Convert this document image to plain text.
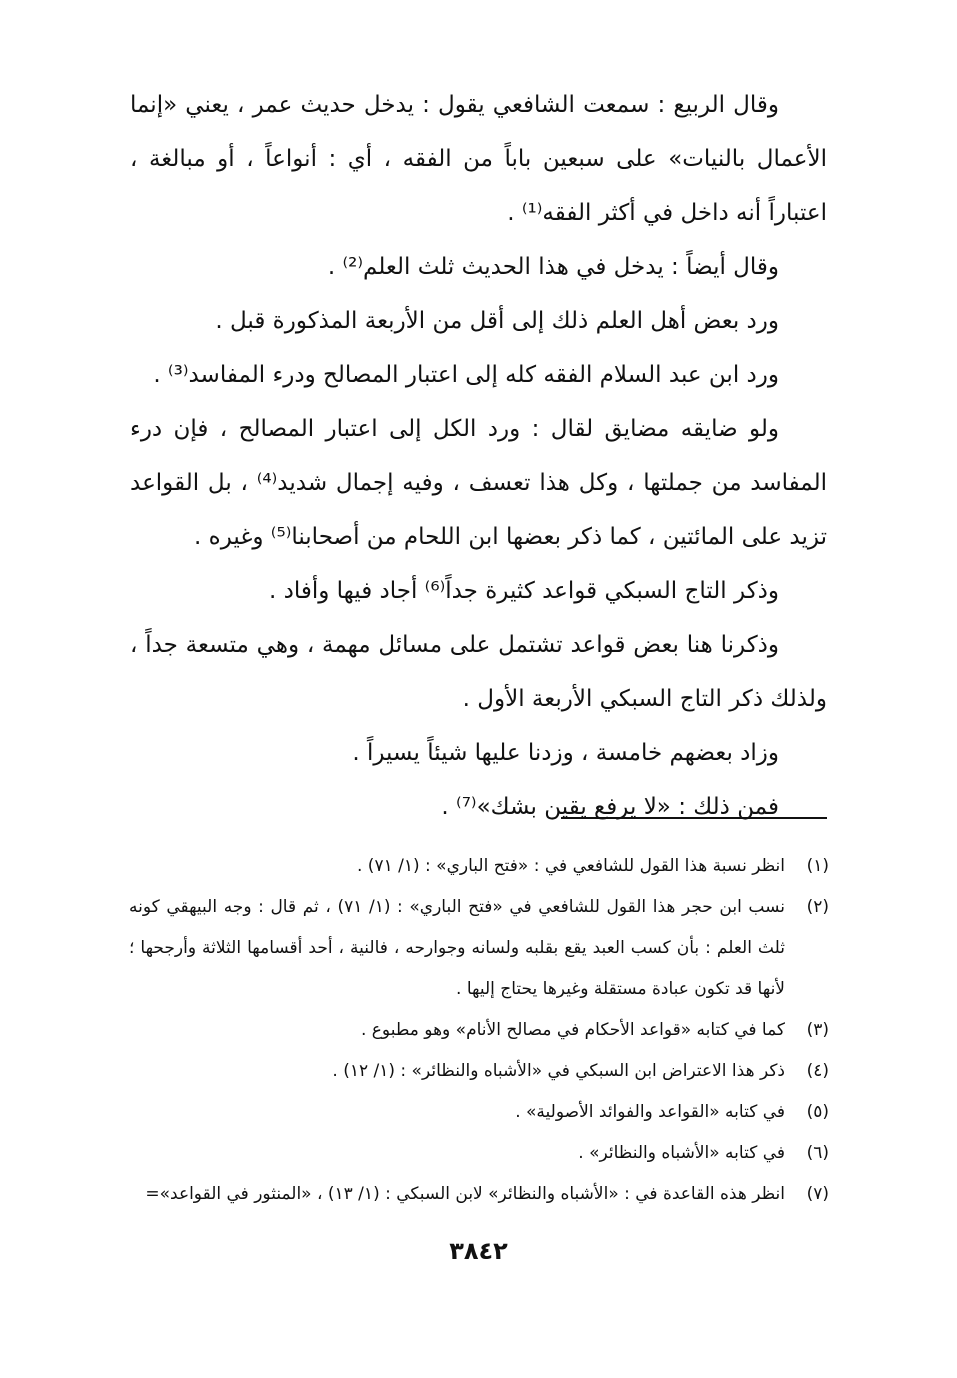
وقال الربيع : سمعت الشافعي يقول : يدخل حديث عمر ، يعني «إنما الأعمال بالنيات» على سبعين باباً من الفقه ، أي : أنواعاً ، أو مبالغة ، اعتباراً أنه داخل في أكثر الفقه⁽¹⁾ .

وقال أيضاً : يدخل في هذا الحديث ثلث العلم⁽²⁾ .

ورد بعض أهل العلم ذلك إلى أقل من الأربعة المذكورة قبل .

ورد ابن عبد السلام الفقه كله إلى اعتبار المصالح ودرء المفاسد⁽³⁾ .

ولو ضايقه مضايق لقال : ورد الكل إلى اعتبار المصالح ، فإن درء المفاسد من جملتها ، وكل هذا تعسف ، وفيه إجمال شديد⁽⁴⁾ ، بل القواعد تزيد على المائتين ، كما ذكر بعضها ابن اللحام من أصحابنا⁽⁵⁾ وغيره .

وذكر التاج السبكي قواعد كثيرة جداً⁽⁶⁾ أجاد فيها وأفاد .

وذكرنا هنا بعض قواعد تشتمل على مسائل مهمة ، وهي متسعة جداً ، ولذلك ذكر التاج السبكي الأربعة الأول .

وزاد بعضهم خامسة ، وزدنا عليها شيئاً يسيراً .

فمن ذلك : «لا يرفع يقين بشك»⁽⁷⁾ .

(١)
انظر نسبة هذا القول للشافعي في : «فتح الباري» : (١/ ٧١) .
(٢)
نسب ابن حجر هذا القول للشافعي في «فتح الباري» : (١/ ٧١) ، ثم قال : وجه البيهقي كونه ثلث العلم : بأن كسب العبد يقع بقلبه ولسانه وجوارحه ، فالنية ، أحد أقسامها الثلاثة وأرجحها ؛ لأنها قد تكون عبادة مستقلة وغيرها يحتاج إليها .
(٣)
كما في كتابه «قواعد الأحكام في مصالح الأنام» وهو مطبوع .
(٤)
ذكر هذا الاعتراض ابن السبكي في «الأشباه والنظائر» : (١/ ١٢) .
(٥)
في كتابه «القواعد والفوائد الأصولية» .
(٦)
في كتابه «الأشباه والنظائر» .
(٧)
انظر هذه القاعدة في : «الأشباه والنظائر» لابن السبكي : (١/ ١٣) ، «المنثور في القواعد»=
٣٨٤٢
